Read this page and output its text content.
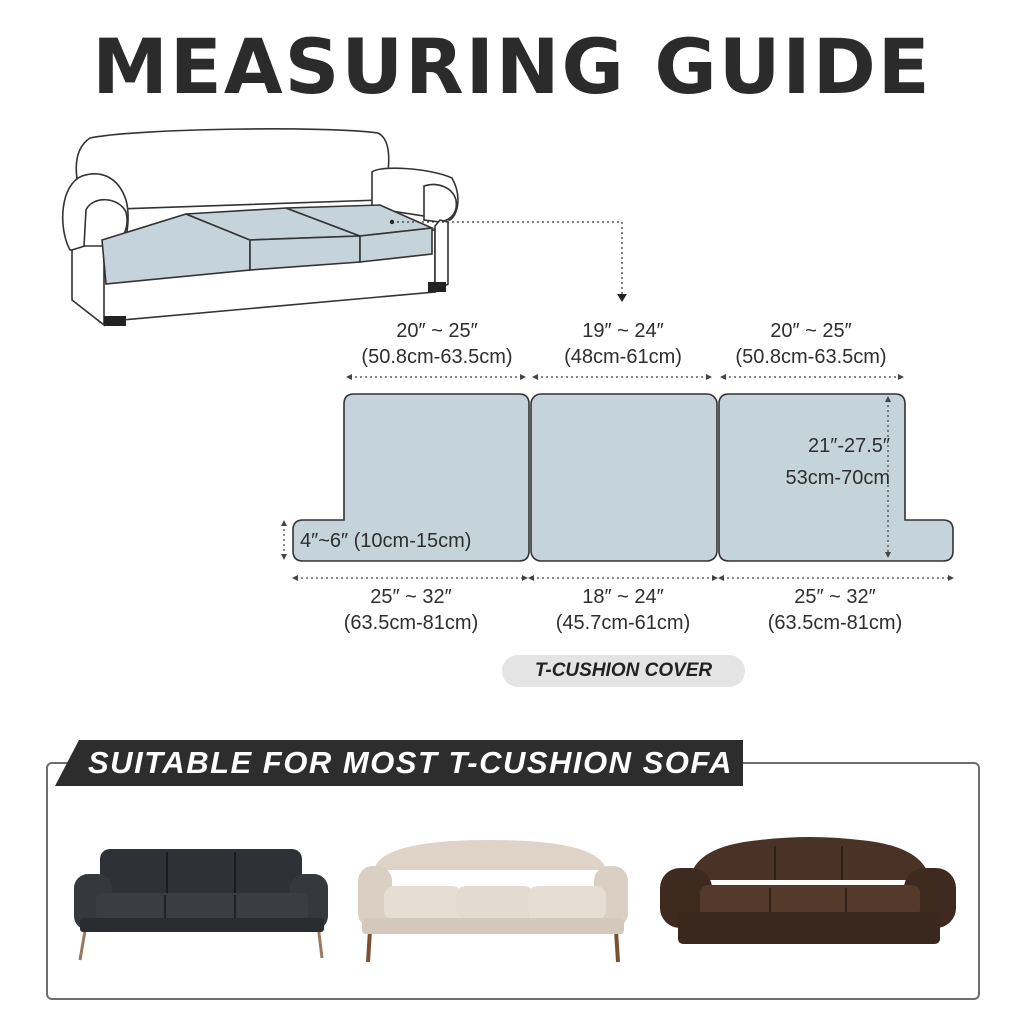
MEASURING GUIDE
20″ ~ 25″
(50.8cm-63.5cm)
19″ ~ 24″
(48cm-61cm)
20″ ~ 25″
(50.8cm-63.5cm)
21″-27.5″
53cm-70cm
4″~6″ (10cm-15cm)
25″ ~ 32″
(63.5cm-81cm)
18″ ~ 24″
(45.7cm-61cm)
25″ ~ 32″
(63.5cm-81cm)
T-CUSHION COVER
SUITABLE FOR MOST T-CUSHION SOFA
